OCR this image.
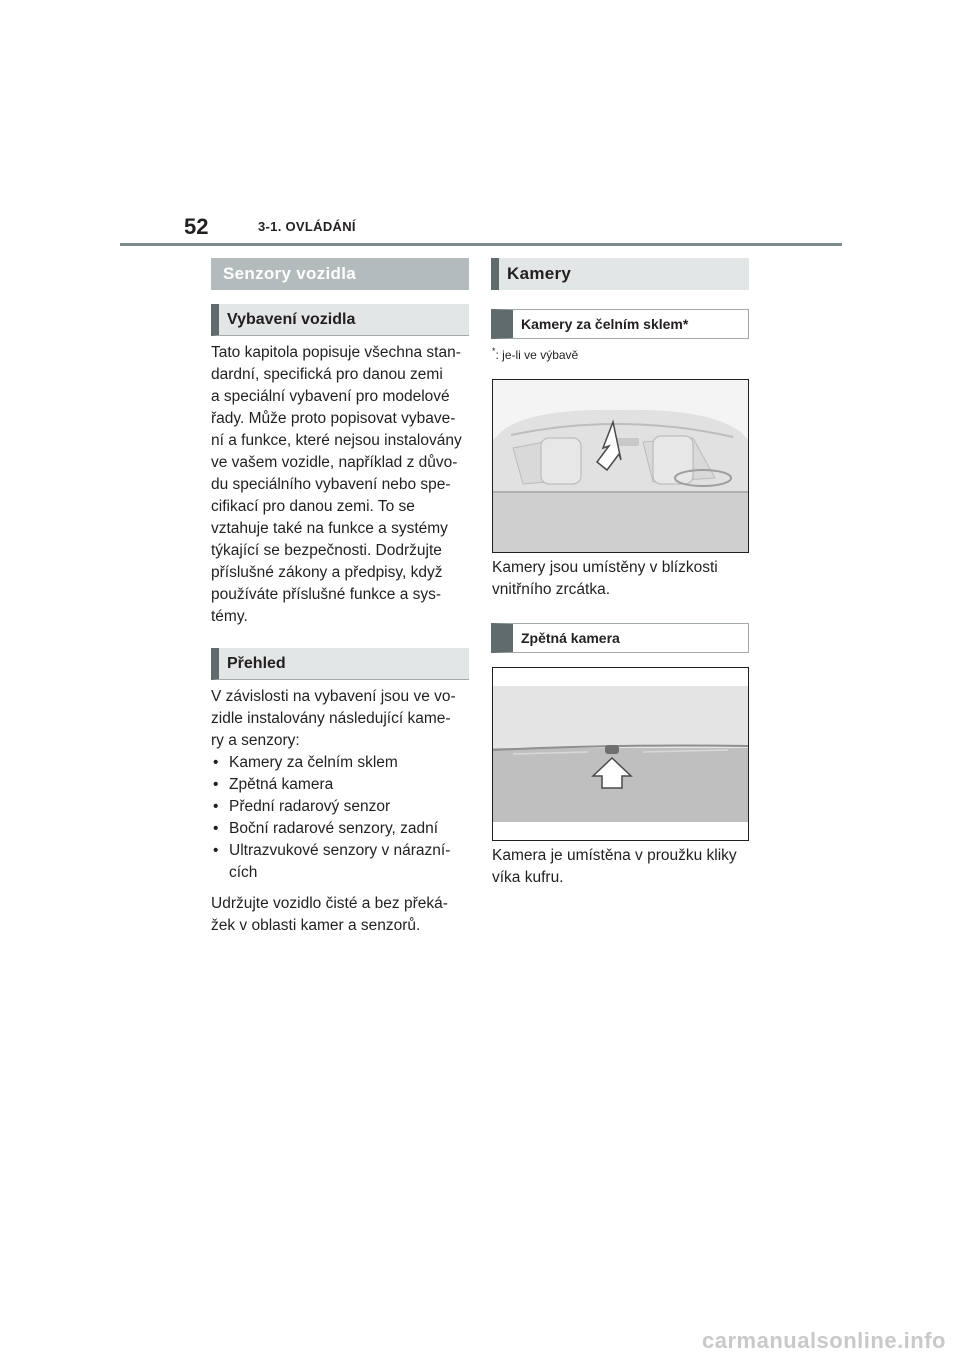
52	3-1. OVLÁDÁNÍ
Senzory vozidla
Vybavení vozidla
Tato kapitola popisuje všechna stan-
dardní, specifická pro danou zemi
a speciální vybavení pro modelové
řady. Může proto popisovat vybave-
ní a funkce, které nejsou instalovány
ve vašem vozidle, například z důvo-
du speciálního vybavení nebo spe-
cifikací pro danou zemi. To se
vztahuje také na funkce a systémy
týkající se bezpečnosti. Dodržujte
příslušné zákony a předpisy, když
používáte příslušné funkce a sys-
témy.
Přehled
V závislosti na vybavení jsou ve vo-
zidle instalovány následující kame-
ry a senzory:
• Kamery za čelním sklem
• Zpětná kamera
• Přední radarový senzor
• Boční radarové senzory, zadní
• Ultrazvukové senzory v nárazní-
cích
Udržujte vozidlo čisté a bez překá-
žek v oblasti kamer a senzorů.
Kamery
Kamery za čelním sklem*
*: je-li ve výbavě
Kamery jsou umístěny v blízkosti
vnitřního zrcátka.
Zpětná kamera
Kamera je umístěna v proužku kliky
víka kufru.
carmanualsonline.info
